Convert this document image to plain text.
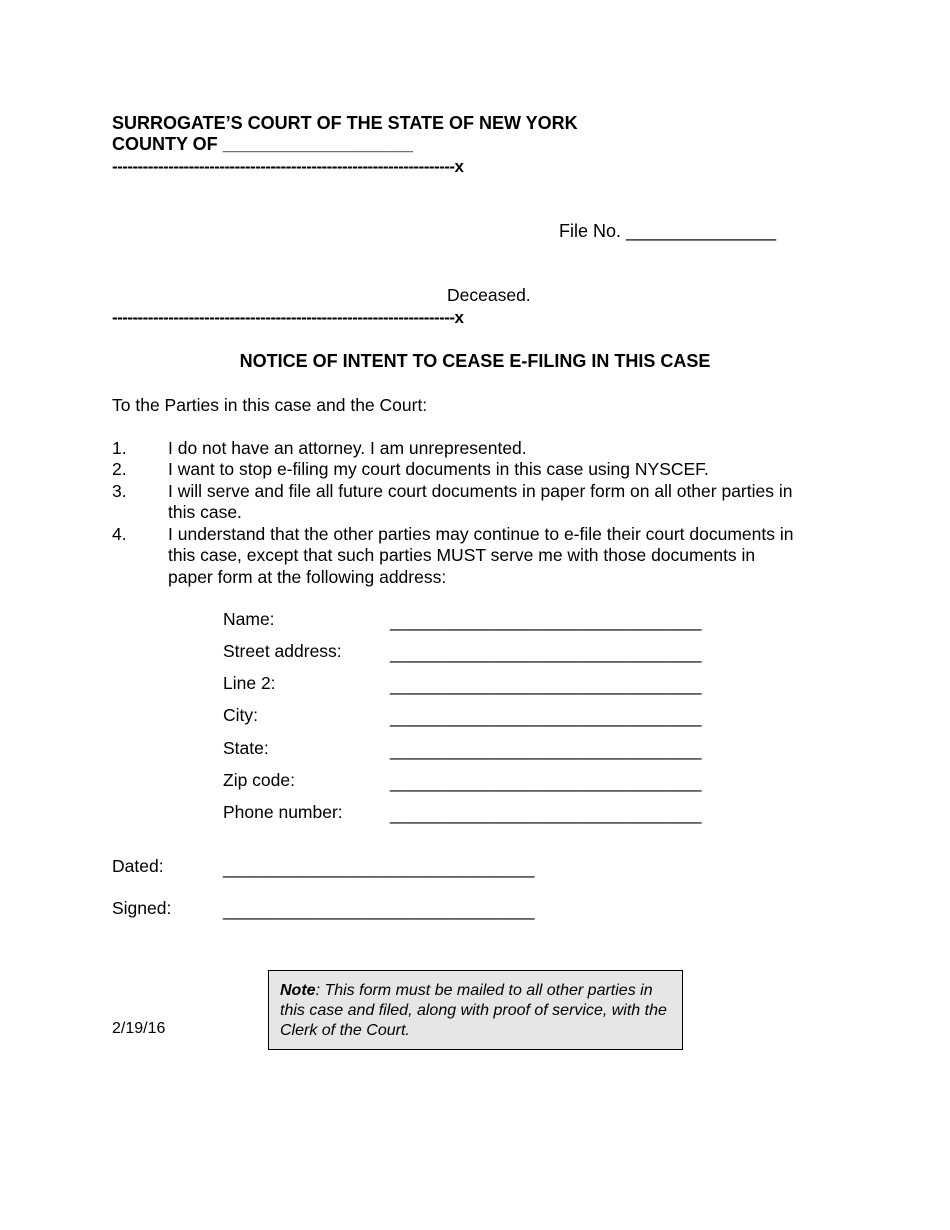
SURROGATE’S COURT OF THE STATE OF NEW YORK
COUNTY OF ___________________
-------------------------------------------------------------------x
File No. _______________
Deceased.
-------------------------------------------------------------------x
NOTICE OF INTENT TO CEASE E-FILING IN THIS CASE
To the Parties in this case and the Court:
1. I do not have an attorney. I am unrepresented.
2. I want to stop e-filing my court documents in this case using NYSCEF.
3. I will serve and file all future court documents in paper form on all other parties in
this case.
4. I understand that the other parties may continue to e-file their court documents in
this case, except that such parties MUST serve me with those documents in
paper form at the following address:
Name:	________________________________
Street address:	________________________________
Line 2:	________________________________
City:	________________________________
State:	________________________________
Zip code:	________________________________
Phone number:	________________________________
Dated:	________________________________
Signed:	________________________________
2/19/16
Note: This form must be mailed to all other parties in this case and filed, along with proof of service, with the Clerk of the Court.
